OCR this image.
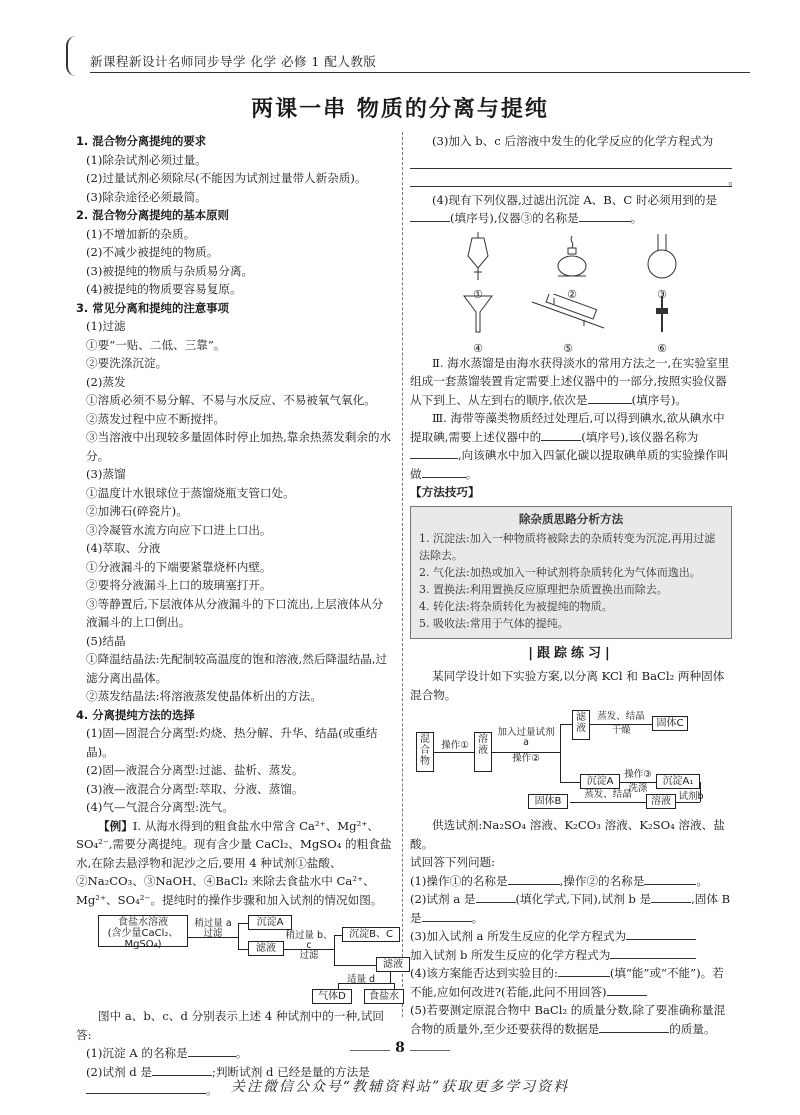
新课程新设计名师同步导学 化学 必修 1 配人教版
两课一串 物质的分离与提纯
1. 混合物分离提纯的要求
(1)除杂试剂必须过量。
(2)过量试剂必须除尽(不能因为试剂过量带人新杂质)。
(3)除杂途径必须最简。
2. 混合物分离提纯的基本原则
(1)不增加新的杂质。
(2)不减少被提纯的物质。
(3)被提纯的物质与杂质易分离。
(4)被提纯的物质要容易复原。
3. 常见分离和提纯的注意事项
(1)过滤
①要“一贴、二低、三靠”。
②要洗涤沉淀。
(2)蒸发
①溶质必须不易分解、不易与水反应、不易被氧气氧化。
②蒸发过程中应不断搅拌。
③当溶液中出现较多量固体时停止加热,靠余热蒸发剩余的水分。
(3)蒸馏
①温度计水银球位于蒸馏烧瓶支管口处。
②加沸石(碎瓷片)。
③冷凝管水流方向应下口进上口出。
(4)萃取、分液
①分液漏斗的下端要紧靠烧杯内壁。
②要将分液漏斗上口的玻璃塞打开。
③等静置后,下层液体从分液漏斗的下口流出,上层液体从分液漏斗的上口倒出。
(5)结晶
①降温结晶法:先配制较高温度的饱和溶液,然后降温结晶,过滤分离出晶体。
②蒸发结晶法:将溶液蒸发使晶体析出的方法。
4. 分离提纯方法的选择
(1)固—固混合分离型:灼烧、热分解、升华、结晶(或重结晶)。
(2)固—液混合分离型:过滤、盐析、蒸发。
(3)液—液混合分离型:萃取、分液、蒸馏。
(4)气—气混合分离型:洗气。
【例】Ⅰ. 从海水得到的粗食盐水中常含 Ca²⁺、Mg²⁺、SO₄²⁻,需要分离提纯。现有含少量 CaCl₂、MgSO₄ 的粗食盐水,在除去悬浮物和泥沙之后,要用 4 种试剂①盐酸、②Na₂CO₃、③NaOH、④BaCl₂ 来除去食盐水中 Ca²⁺、Mg²⁺、SO₄²⁻。提纯时的操作步骤和加入试剂的情况如图。
食盐水溶液
(含少量CaCl₂、MgSO₄)
稍过量 a
过滤
沉淀A
滤液
稍过量 b、c
过滤
沉淀B、C
滤液
适量 d
气体D	食盐水
图中 a、b、c、d 分别表示上述 4 种试剂中的一种,试回答:
(1)沉淀 A 的名称是	。
(2)试剂 d 是	;判断试剂 d 已经是量的方法是。
(3)加入 b、c 后溶液中发生的化学反应的化学方程式为
。
(4)现有下列仪器,过滤出沉淀 A、B、C 时必须用到的是(填序号),仪器③的名称是	。
①	②	③
④	⑤	⑥
Ⅱ. 海水蒸馏是由海水获得淡水的常用方法之一,在实验室里组成一套蒸馏装置肯定需要上述仪器中的一部分,按照实验仪器从下到上、从左到右的顺序,依次是	(填序号)。
Ⅲ. 海带等藻类物质经过处理后,可以得到碘水,欲从碘水中提取碘,需要上述仪器中的	(填序号),该仪器名称为,向该碘水中加入四氯化碳以提取碘单质的实验操作叫做	。
【方法技巧】
除杂质思路分析方法
1. 沉淀法:加入一种物质将被除去的杂质转变为沉淀,再用过滤法除去。
2. 气化法:加热或加入一种试剂将杂质转化为气体而逸出。
3. 置换法:利用置换反应原理把杂质置换出而除去。
4. 转化法:将杂质转化为被提纯的物质。
5. 吸收法:常用于气体的提纯。
|跟踪练习|
某同学设计如下实验方案,以分离 KCl 和 BaCl₂ 两种固体混合物。
混合物
操作①
溶液
加入过量试剂 a
操作②
滤液
蒸发、结晶
干燥
固体C
沉淀A
操作③
洗涤
沉淀A₁
试剂b
溶液
蒸发、结晶
固体B
供选试剂:Na₂SO₄ 溶液、K₂CO₃ 溶液、K₂SO₄ 溶液、盐酸。
试回答下列问题:
(1)操作①的名称是	,操作②的名称是	。
(2)试剂 a 是	(填化学式,下同),试剂 b 是	,固体 B 是	。
(3)加入试剂 a 所发生反应的化学方程式为
加入试剂 b 所发生反应的化学方程式为
(4)该方案能否达到实验目的:	(填“能”或“不能”)。若不能,应如何改进?(若能,此问不用回答)
(5)若要测定原混合物中 BaCl₂ 的质量分数,除了要准确称量混合物的质量外,至少还要获得的数据是	的质量。
8
关注微信公众号“教辅资料站”获取更多学习资料
